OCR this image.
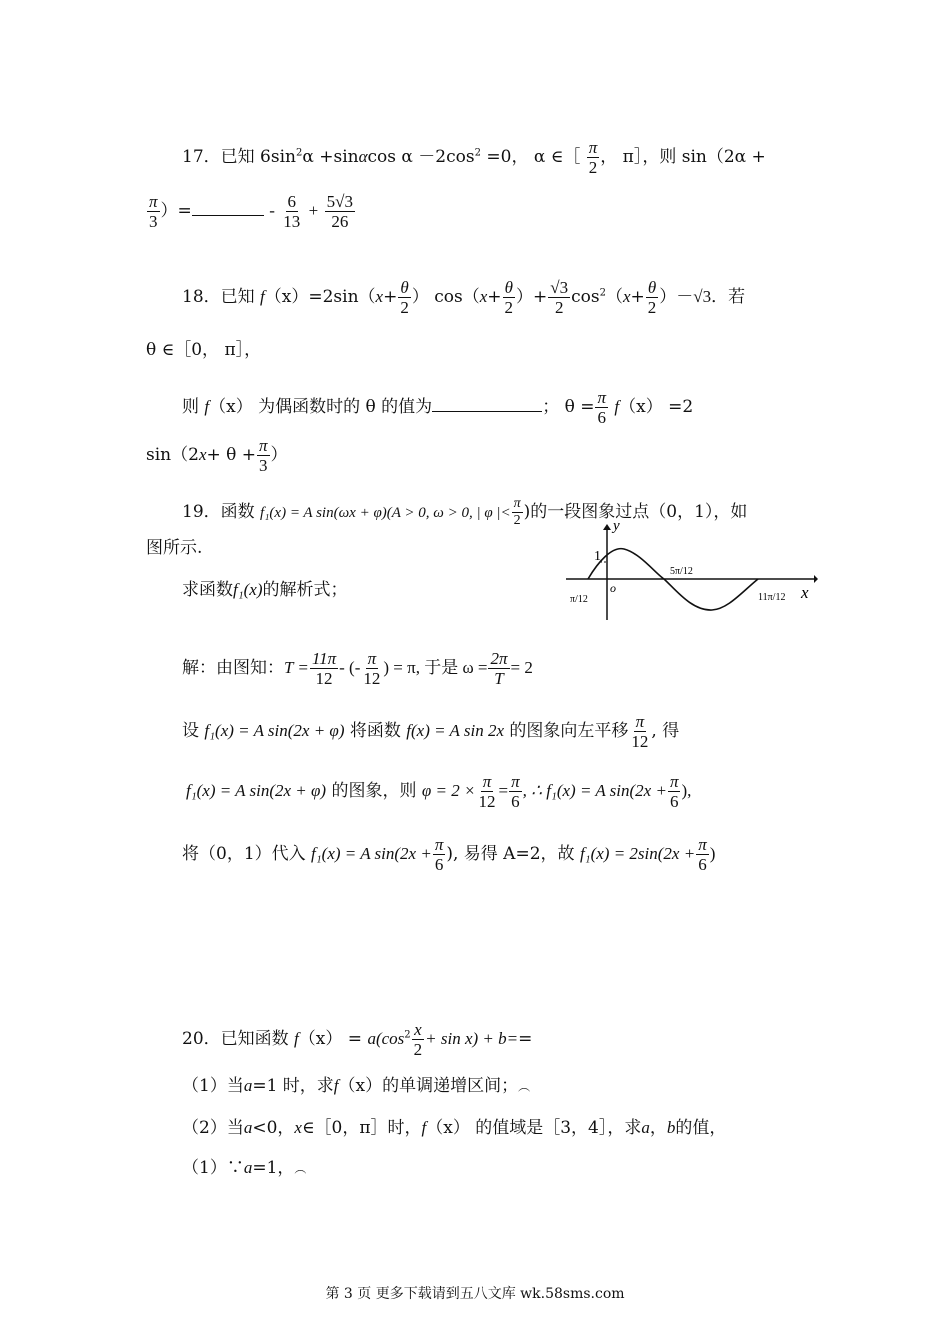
17．已知 $6\sin^2\alpha +\sin\alpha\cos$ $\alpha -2\cos^2 =0$， α ∈［ $\frac{\pi}{2}$ ， π］，则 sin（2α +
$\frac{\pi}{3}$ ）=	- $\frac{6}{13} + \frac{5√3}{26}$
18．已知 $f(x)=2\sin(x+ \frac{\theta}{2}$ ） $\cos(x+ \frac{\theta}{2}$ ）+ $\frac{√3}{2} \cos^2(x+ \frac{\theta}{2} )-√3$．若
θ ∈［0， π］，
则 f（x） 为偶函数时的 θ 的值为	； $\theta = \frac{\pi}{6} f(x) =2$
$\sin(2x+ \theta + \frac{\pi}{3}$ ）
19．函数 f₁(x) = A sin(ωx + φ)(A > 0, ω > 0, | φ |< $\frac{\pi}{2}$ )的一段图象过点（0，1），如
图所示.
求函数f₁(x)的解析式；
y
x
1
o
π/12
5π/12
11π/12
解：由图知：$T = \frac{11\pi}{12}$ - (- $\frac{\pi}{12}$ ) = π, 于是 $\omega = \frac{2\pi}{T} = 2$
设 f₁(x) = A sin(2x + φ) 将函数 f(x) = A sin 2x 的图象向左平移 $\frac{\pi}{12}$ , 得
f₁(x) = A sin(2x + φ) 的图象，则 $\varphi = 2 \times \frac{\pi}{12} = \frac{\pi}{6}$ , ∴ f₁(x) = A $\sin(2x + \frac{\pi}{6}$ ),
将（0，1）代入 f₁(x) = A $\sin(2x + \frac{\pi}{6}$ ), 易得 A=2，故 $f_1(x) = 2\sin(2x + \frac{\pi}{6}$ )
20．已知函数 $f(x) = a(\cos^2 \frac{x}{2} + \sin x) + b==$
（1）当a=1 时，求f（x）的单调递增区间；︵
（2）当a<0，x∈［0，π］时，f（x） 的值域是［3，4］，求a，b的值，
（1）∵a=1，︵
第 3 页 更多下载请到五八文库 wk.58sms.com
